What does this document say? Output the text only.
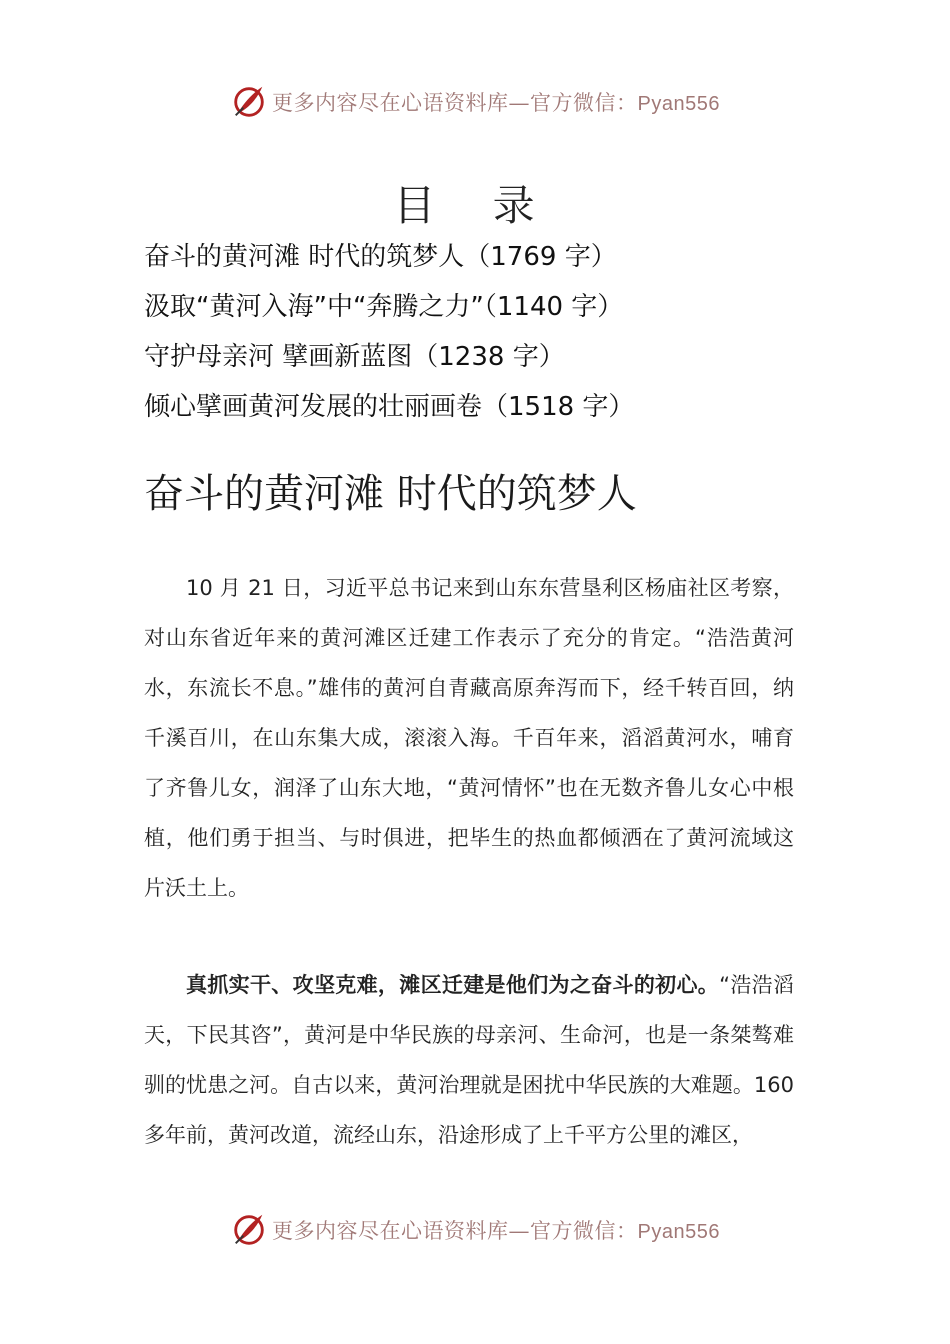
更多内容尽在心语资料库—官方微信：Pyan556
目 录
奋斗的黄河滩 时代的筑梦人（1769 字）
汲取“黄河入海”中“奔腾之力”（1140 字）
守护母亲河 擘画新蓝图（1238 字）
倾心擘画黄河发展的壮丽画卷（1518 字）
奋斗的黄河滩 时代的筑梦人

10 月 21 日，习近平总书记来到山东东营垦利区杨庙社区考察，对山东省近年来的黄河滩区迁建工作表示了充分的肯定。“浩浩黄河水，东流长不息。”雄伟的黄河自青藏高原奔泻而下，经千转百回，纳千溪百川，在山东集大成，滚滚入海。千百年来，滔滔黄河水，哺育了齐鲁儿女，润泽了山东大地，“黄河情怀”也在无数齐鲁儿女心中根植，他们勇于担当、与时俱进，把毕生的热血都倾洒在了黄河流域这片沃土上。

真抓实干、攻坚克难，滩区迁建是他们为之奋斗的初心。“浩浩滔天，下民其咨”，黄河是中华民族的母亲河、生命河，也是一条桀骜难驯的忧患之河。自古以来，黄河治理就是困扰中华民族的大难题。160 多年前，黄河改道，流经山东，沿途形成了上千平方公里的滩区，

更多内容尽在心语资料库—官方微信：Pyan556
